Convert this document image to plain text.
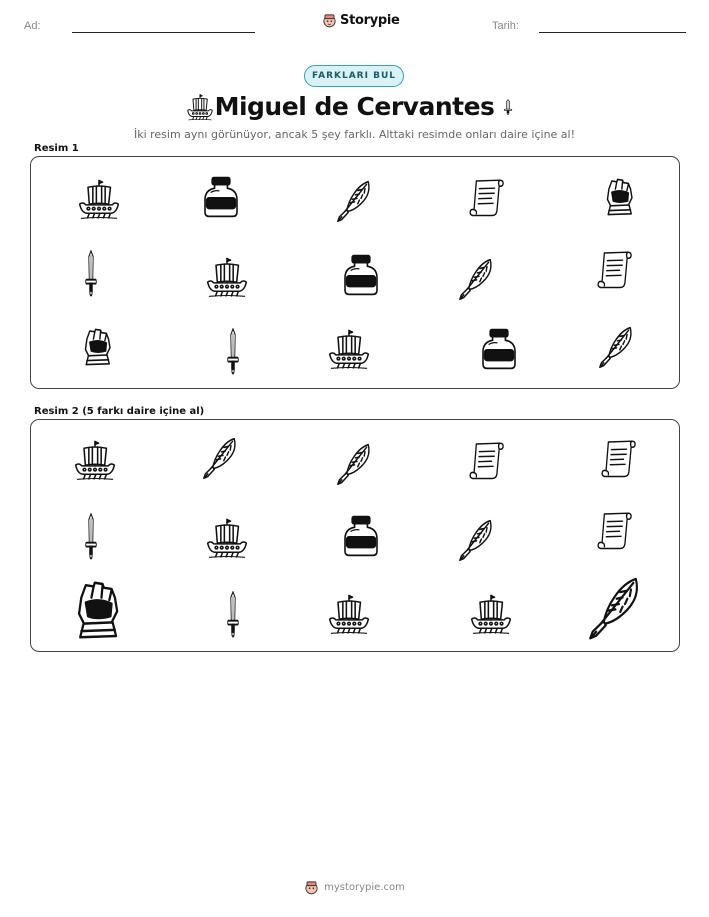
Ad:	Storypie	Tarih:
FARKLARI BUL
Miguel de Cervantes
İki resim aynı görünüyor, ancak 5 şey farklı. Alttaki resimde onları daire içine al!
Resim 1
Resim 2 (5 farkı daire içine al)
mystorypie.com
